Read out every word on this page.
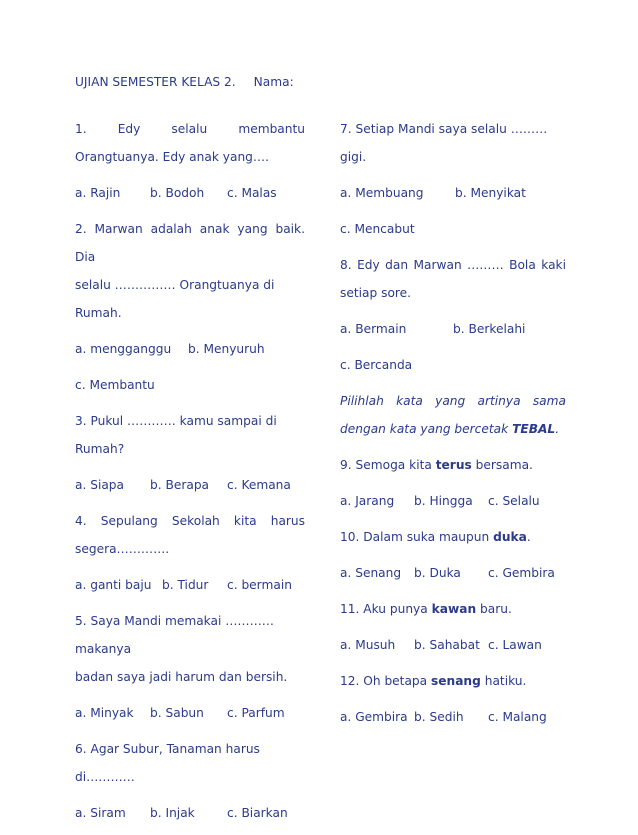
UJIAN SEMESTER KELAS 2. Nama:

1. Edy selalu membantu Orangtuanya. Edy anak yang….

a. Rajin	b. Bodoh	c. Malas

2. Marwan adalah anak yang baik. Dia

selalu …………… Orangtuanya di Rumah.

a. mengganggu	b. Menyuruh
c. Membantu

3. Pukul ………… kamu sampai di Rumah?

a. Siapa	b. Berapa	c. Kemana

4. Sepulang Sekolah kita harus

segera………….

a. ganti baju b. Tidur	c. bermain

5. Saya Mandi memakai ………… makanya

badan saya jadi harum dan bersih.

a. Minyak	b. Sabun	c. Parfum

6. Agar Subur, Tanaman harus di…………

a. Siram	b. Injak	c. Biarkan

7. Setiap Mandi saya selalu ……… gigi.

a. Membuang	b. Menyikat
c. Mencabut

8. Edy dan Marwan ……… Bola kaki

setiap sore.

a. Bermain	b. Berkelahi
c. Bercanda
Pilihlah kata yang artinya sama dengan kata yang bercetak TEBAL.

9. Semoga kita terus bersama.

a. Jarang	b. Hingga	c. Selalu

10. Dalam suka maupun duka.

a. Senang	b. Duka	c. Gembira

11. Aku punya kawan baru.

a. Musuh	b. Sahabat c. Lawan

12. Oh betapa senang hatiku.

a. Gembira b. Sedih	c. Malang
